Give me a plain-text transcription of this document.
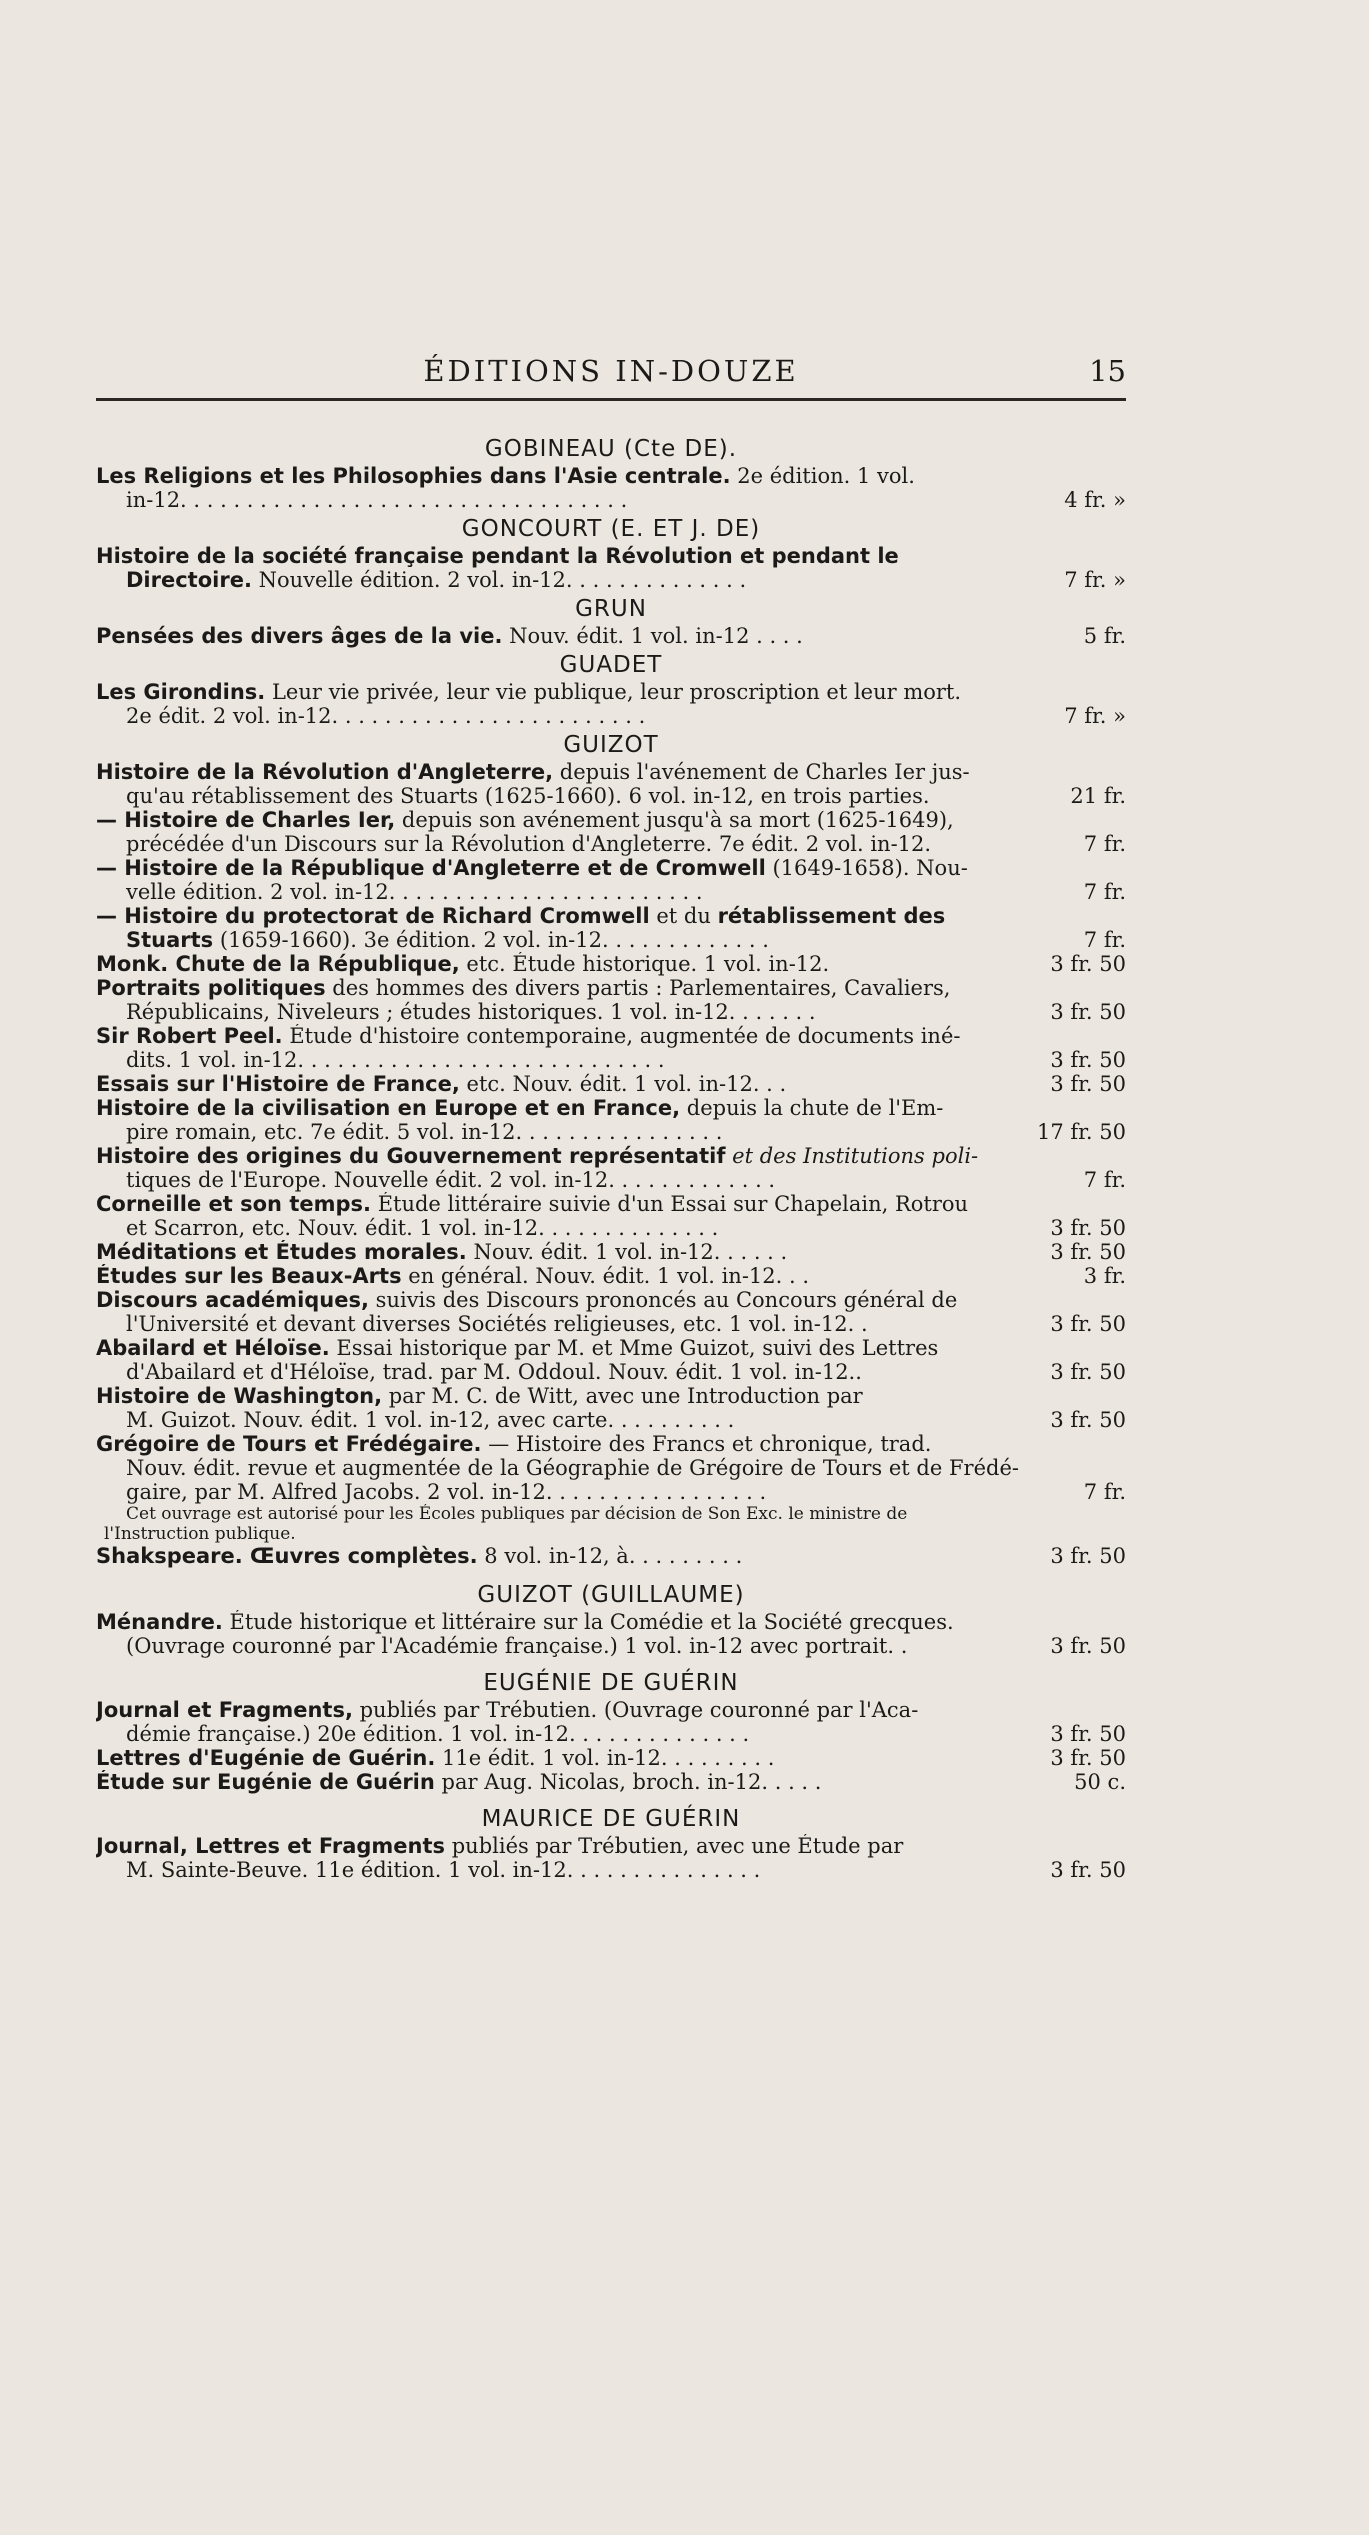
ÉDITIONS IN-DOUZE	15
GOBINEAU (Cte DE).
Les Religions et les Philosophies dans l'Asie centrale. 2e édition. 1 vol.
in-12. . . . . . . . . . . . . . . . . . . . . . . . . . . . . . . . . .	4 fr. »
GONCOURT (E. ET J. DE)
Histoire de la société française pendant la Révolution et pendant le
Directoire. Nouvelle édition. 2 vol. in-12. . . . . . . . . . . . . .	7 fr. »
GRUN
Pensées des divers âges de la vie. Nouv. édit. 1 vol. in-12 . . . .	5 fr.
GUADET
Les Girondins. Leur vie privée, leur vie publique, leur proscription et leur mort.
2e édit. 2 vol. in-12. . . . . . . . . . . . . . . . . . . . . . . .	7 fr. »
GUIZOT
Histoire de la Révolution d'Angleterre, depuis l'avénement de Charles Ier jus-
qu'au rétablissement des Stuarts (1625-1660). 6 vol. in-12, en trois parties.	21 fr.
— Histoire de Charles Ier, depuis son avénement jusqu'à sa mort (1625-1649),
précédée d'un Discours sur la Révolution d'Angleterre. 7e édit. 2 vol. in-12.	7 fr.
— Histoire de la République d'Angleterre et de Cromwell (1649-1658). Nou-
velle édition. 2 vol. in-12. . . . . . . . . . . . . . . . . . . . . . . .	7 fr.
— Histoire du protectorat de Richard Cromwell et du rétablissement des
Stuarts (1659-1660). 3e édition. 2 vol. in-12. . . . . . . . . . . . .	7 fr.
Monk. Chute de la République, etc. Étude historique. 1 vol. in-12.	3 fr. 50
Portraits politiques des hommes des divers partis : Parlementaires, Cavaliers,
Républicains, Niveleurs ; études historiques. 1 vol. in-12. . . . . . .	3 fr. 50
Sir Robert Peel. Étude d'histoire contemporaine, augmentée de documents iné-
dits. 1 vol. in-12. . . . . . . . . . . . . . . . . . . . . . . . . . . .	3 fr. 50
Essais sur l'Histoire de France, etc. Nouv. édit. 1 vol. in-12. . .	3 fr. 50
Histoire de la civilisation en Europe et en France, depuis la chute de l'Em-
pire romain, etc. 7e édit. 5 vol. in-12. . . . . . . . . . . . . . . .	17 fr. 50
Histoire des origines du Gouvernement représentatif et des Institutions poli-
tiques de l'Europe. Nouvelle édit. 2 vol. in-12. . . . . . . . . . . . .	7 fr.
Corneille et son temps. Étude littéraire suivie d'un Essai sur Chapelain, Rotrou
et Scarron, etc. Nouv. édit. 1 vol. in-12. . . . . . . . . . . . . .	3 fr. 50
Méditations et Études morales. Nouv. édit. 1 vol. in-12. . . . . .	3 fr. 50
Études sur les Beaux-Arts en général. Nouv. édit. 1 vol. in-12. . .	3 fr.
Discours académiques, suivis des Discours prononcés au Concours général de
l'Université et devant diverses Sociétés religieuses, etc. 1 vol. in-12. .	3 fr. 50
Abailard et Héloïse. Essai historique par M. et Mme Guizot, suivi des Lettres
d'Abailard et d'Héloïse, trad. par M. Oddoul. Nouv. édit. 1 vol. in-12..	3 fr. 50
Histoire de Washington, par M. C. de Witt, avec une Introduction par
M. Guizot. Nouv. édit. 1 vol. in-12, avec carte. . . . . . . . . .	3 fr. 50
Grégoire de Tours et Frédégaire. — Histoire des Francs et chronique, trad.
Nouv. édit. revue et augmentée de la Géographie de Grégoire de Tours et de Frédé-
gaire, par M. Alfred Jacobs. 2 vol. in-12. . . . . . . . . . . . . . . . .	7 fr.
Cet ouvrage est autorisé pour les Écoles publiques par décision de Son Exc. le ministre de
l'Instruction publique.
Shakspeare. Œuvres complètes. 8 vol. in-12, à. . . . . . . . .	3 fr. 50
GUIZOT (GUILLAUME)
Ménandre. Étude historique et littéraire sur la Comédie et la Société grecques.
(Ouvrage couronné par l'Académie française.) 1 vol. in-12 avec portrait. .	3 fr. 50
EUGÉNIE DE GUÉRIN
Journal et Fragments, publiés par Trébutien. (Ouvrage couronné par l'Aca-
démie française.) 20e édition. 1 vol. in-12. . . . . . . . . . . . . .	3 fr. 50
Lettres d'Eugénie de Guérin. 11e édit. 1 vol. in-12. . . . . . . . .	3 fr. 50
Étude sur Eugénie de Guérin par Aug. Nicolas, broch. in-12. . . . .	50 c.
MAURICE DE GUÉRIN
Journal, Lettres et Fragments publiés par Trébutien, avec une Étude par
M. Sainte-Beuve. 11e édition. 1 vol. in-12. . . . . . . . . . . . . . .	3 fr. 50
